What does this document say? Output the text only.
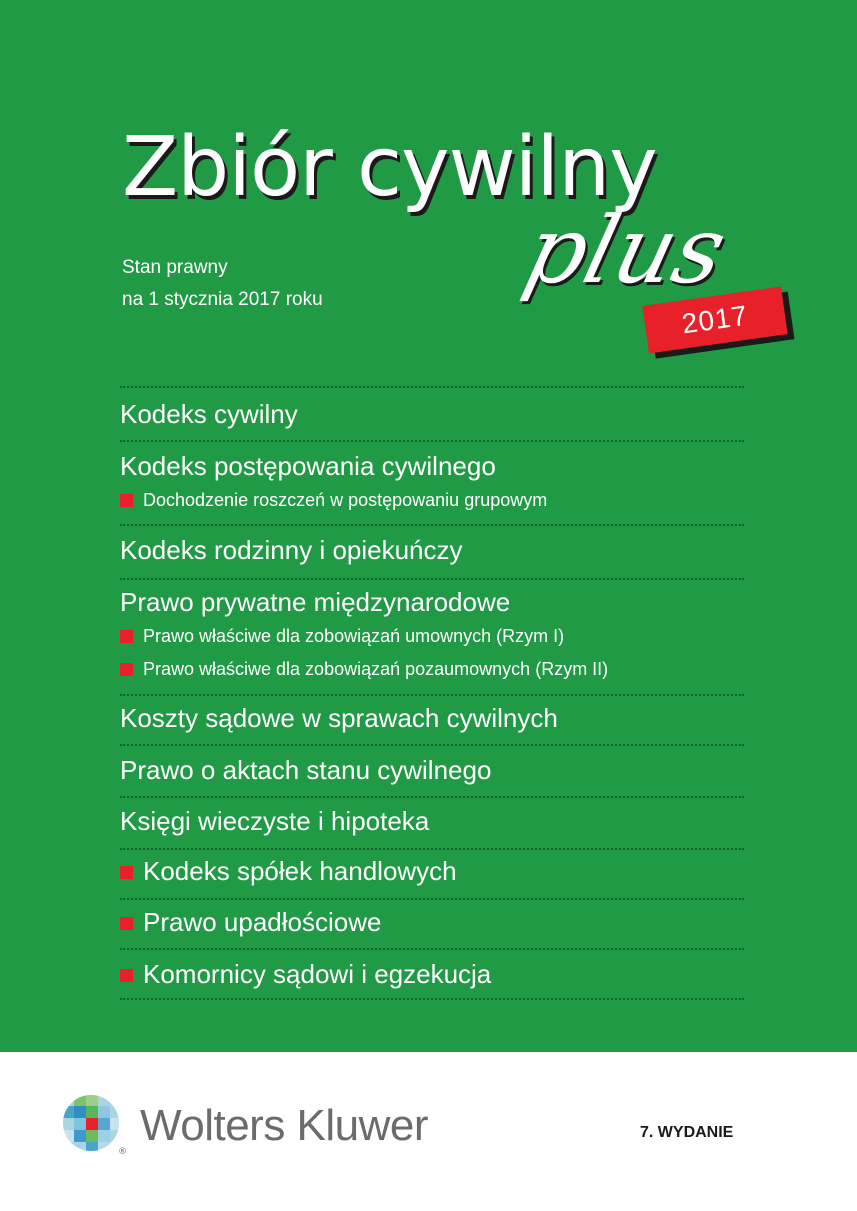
Zbiór cywilny
plus
2017
Stan prawny
na 1 stycznia 2017 roku
Kodeks cywilny
Kodeks postępowania cywilnego
Dochodzenie roszczeń w postępowaniu grupowym
Kodeks rodzinny i opiekuńczy
Prawo prywatne międzynarodowe
Prawo właściwe dla zobowiązań umownych (Rzym I)
Prawo właściwe dla zobowiązań pozaumownych (Rzym II)
Koszty sądowe w sprawach cywilnych
Prawo o aktach stanu cywilnego
Księgi wieczyste i hipoteka
Kodeks spółek handlowych
Prawo upadłościowe
Komornicy sądowi i egzekucja
®
Wolters Kluwer	7. WYDANIE
